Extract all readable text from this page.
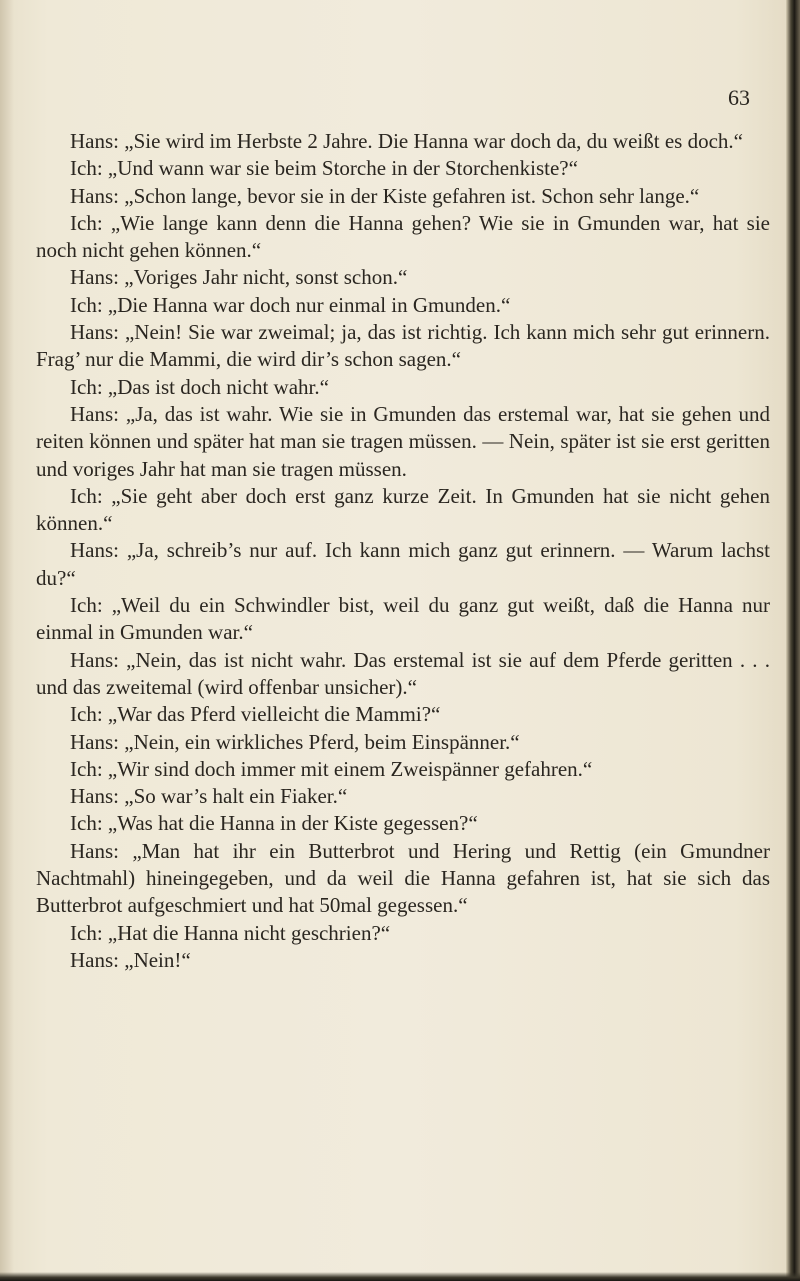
63

Hans: „Sie wird im Herbste 2 Jahre. Die Hanna war doch da, du weißt es doch.“

Ich: „Und wann war sie beim Storche in der Storchenkiste?“

Hans: „Schon lange, bevor sie in der Kiste gefahren ist. Schon sehr lange.“

Ich: „Wie lange kann denn die Hanna gehen? Wie sie in Gmunden war, hat sie noch nicht gehen können.“

Hans: „Voriges Jahr nicht, sonst schon.“

Ich: „Die Hanna war doch nur einmal in Gmunden.“

Hans: „Nein! Sie war zweimal; ja, das ist richtig. Ich kann mich sehr gut erinnern. Frag’ nur die Mammi, die wird dir’s schon sagen.“

Ich: „Das ist doch nicht wahr.“

Hans: „Ja, das ist wahr. Wie sie in Gmunden das erstemal war, hat sie gehen und reiten können und später hat man sie tragen müssen. — Nein, später ist sie erst geritten und voriges Jahr hat man sie tragen müssen.

Ich: „Sie geht aber doch erst ganz kurze Zeit. In Gmunden hat sie nicht gehen können.“

Hans: „Ja, schreib’s nur auf. Ich kann mich ganz gut erinnern. — Warum lachst du?“

Ich: „Weil du ein Schwindler bist, weil du ganz gut weißt, daß die Hanna nur einmal in Gmunden war.“

Hans: „Nein, das ist nicht wahr. Das erstemal ist sie auf dem Pferde geritten . . . und das zweitemal (wird offenbar unsicher).“

Ich: „War das Pferd vielleicht die Mammi?“

Hans: „Nein, ein wirkliches Pferd, beim Einspänner.“

Ich: „Wir sind doch immer mit einem Zweispänner gefahren.“

Hans: „So war’s halt ein Fiaker.“

Ich: „Was hat die Hanna in der Kiste gegessen?“

Hans: „Man hat ihr ein Butterbrot und Hering und Rettig (ein Gmundner Nachtmahl) hineingegeben, und da weil die Hanna gefahren ist, hat sie sich das Butterbrot aufgeschmiert und hat 50mal gegessen.“

Ich: „Hat die Hanna nicht geschrien?“

Hans: „Nein!“
